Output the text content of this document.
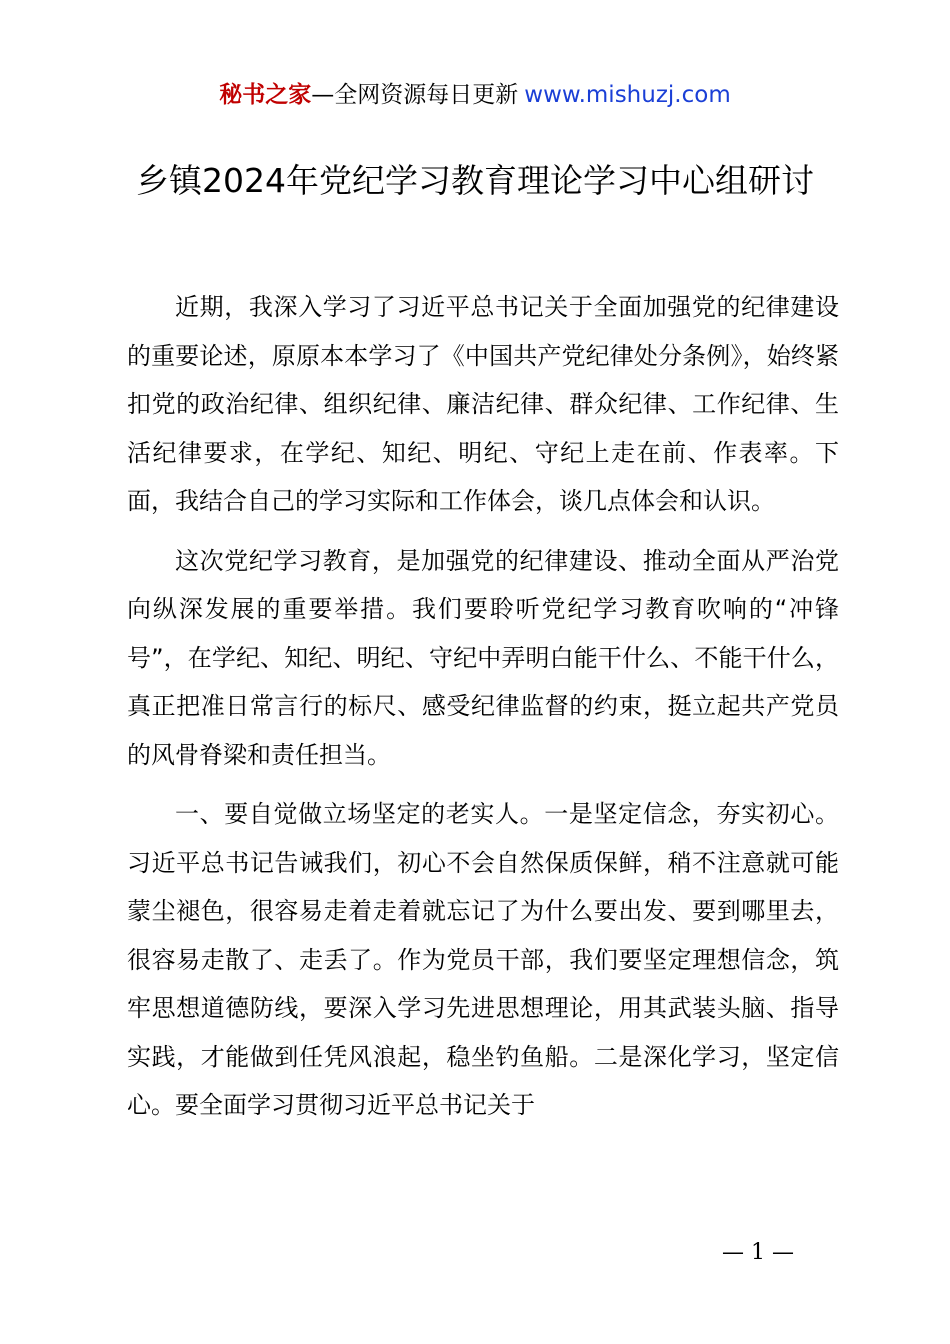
秘书之家—全网资源每日更新 www.mishuzj.com
乡镇2024年党纪学习教育理论学习中心组研讨

近期，我深入学习了习近平总书记关于全面加强党的纪律建设的重要论述，原原本本学习了《中国共产党纪律处分条例》，始终紧扣党的政治纪律、组织纪律、廉洁纪律、群众纪律、工作纪律、生活纪律要求，在学纪、知纪、明纪、守纪上走在前、作表率。下面，我结合自己的学习实际和工作体会，谈几点体会和认识。

这次党纪学习教育，是加强党的纪律建设、推动全面从严治党向纵深发展的重要举措。我们要聆听党纪学习教育吹响的“冲锋号”，在学纪、知纪、明纪、守纪中弄明白能干什么、不能干什么，真正把准日常言行的标尺、感受纪律监督的约束，挺立起共产党员的风骨脊梁和责任担当。

一、要自觉做立场坚定的老实人。一是坚定信念，夯实初心。习近平总书记告诫我们，初心不会自然保质保鲜，稍不注意就可能蒙尘褪色，很容易走着走着就忘记了为什么要出发、要到哪里去，很容易走散了、走丢了。作为党员干部，我们要坚定理想信念，筑牢思想道德防线，要深入学习先进思想理论，用其武装头脑、指导实践，才能做到任凭风浪起，稳坐钓鱼船。二是深化学习，坚定信心。要全面学习贯彻习近平总书记关于

— 1 —
